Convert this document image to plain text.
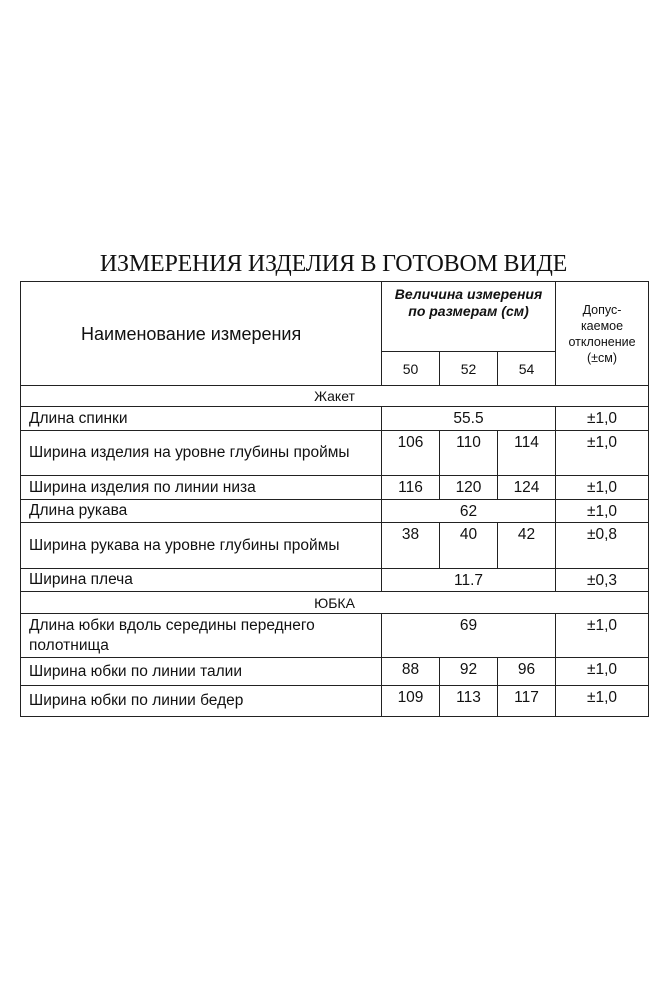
ИЗМЕРЕНИЯ ИЗДЕЛИЯ В ГОТОВОМ ВИДЕ
Наименование измерения	Величина измерения
по размерам (см)			Допус-
каемое
отклонение
(±см)

	50	52	54	
Жакет				
Длина спинки	55.5			±1,0
Ширина изделия на уровне глубины проймы	106	110	114	±1,0
Ширина изделия по линии низа	116	120	124	±1,0
Длина рукава	62			±1,0
Ширина рукава на уровне глубины проймы	38	40	42	±0,8
Ширина плеча	11.7			±0,3
ЮБКА				
Длина юбки вдоль середины переднего полотнища	69			±1,0
Ширина юбки по линии талии	88	92	96	±1,0
Ширина юбки по линии бедер	109	113	117	±1,0
